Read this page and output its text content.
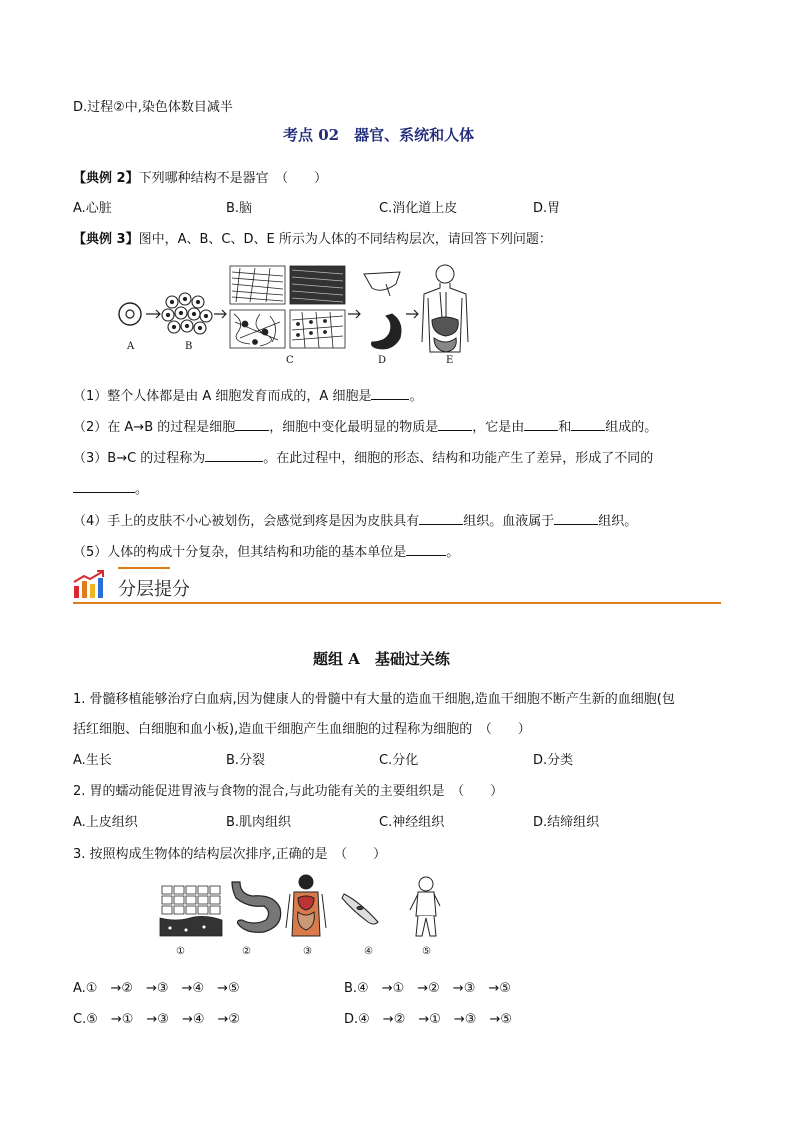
D.过程②中,染色体数目减半
考点 02　器官、系统和人体
【典例 2】下列哪种结构不是器官　（　　）
A.心脏	B.脑	C.消化道上皮	D.胃
【典例 3】图中，A、B、C、D、E 所示为人体的不同结构层次，请回答下列问题：
A	B
C	D	E
（1）整个人体都是由 A 细胞发育而成的，A 细胞是	。
（2）在 A→B 的过程是细胞	，细胞中变化最明显的物质是	，它是由	和	组成的。
（3）B→C 的过程称为	。在此过程中，细胞的形态、结构和功能产生了差异，形成了不同的
。
（4）手上的皮肤不小心被划伤，会感觉到疼是因为皮肤具有	组织。血液属于	组织。
（5）人体的构成十分复杂，但其结构和功能的基本单位是	。
分层提分
题组 A　基础过关练
1. 骨髓移植能够治疗白血病,因为健康人的骨髓中有大量的造血干细胞,造血干细胞不断产生新的血细胞(包
括红细胞、白细胞和血小板),造血干细胞产生血细胞的过程称为细胞的　（　　）
A.生长	B.分裂	C.分化	D.分类
2. 胃的蠕动能促进胃液与食物的混合,与此功能有关的主要组织是　（　　）
A.上皮组织	B.肌肉组织	C.神经组织	D.结缔组织
3. 按照构成生物体的结构层次排序,正确的是　（　　）
①	②	③	④	⑤
A.①　→②　→③　→④　→⑤	B.④　→①　→②　→③　→⑤
C.⑤　→①　→③　→④　→②	D.④　→②　→①　→③　→⑤
